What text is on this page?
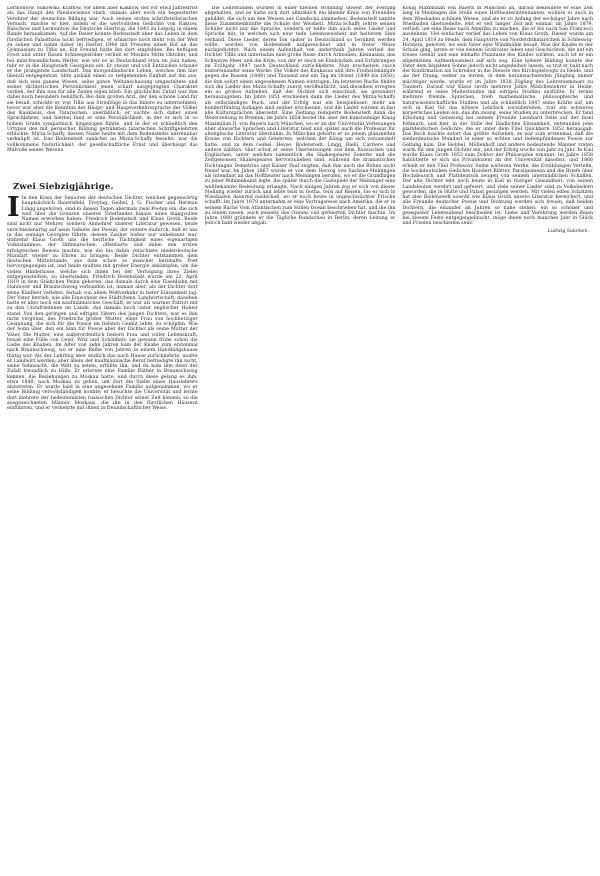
Lermontow, Sukowski, Kraffow, vor allem aber Kakkow, der vor etwa Jahresfrist als das Haupt des Panslawismus starb, damals aber noch ein begeisterter Verehrer der deutschen Bildung war. Auch seinen ersten schriftstellerischen Versuch, machte er hier, indem er die wertvollsten Gedichte von Raktow, Batschow und Lermontow ins Deutsche übertrug, die 1843 zu Leipzig in einem Bande herauskamen. Auf die Dauer konnte Bodenstedt aber das Leben in dem fürstlichen Palasthaus nicht befriedigen, er wünschte noch mehr von der Welt zu sehen und nahm daher im Herbst 1844 mit Freuden einen Ruf an das Gymnasium zu Tiflis an. Ein Freund hatte ihn dort empfohlen. Bei heftigem Frost und unter Rasen Schneegestöber verließ er Moskau Mitte Oktober, und bei mild-freundlichem Wetter, wie wir es in Deutschland etwa im Juni haben, fuhr er in die Hauptstadt Georgiens ein. Er staunt und voll Entzücken schaute er die prangende Landschaft. Das morgenländische Leben, welches ihm hier überall entgegentrat, übte alsbald einen so tiefgehenden Einfluß auf ihn aus, daß sich sein ganzes Wesen, seine ganze Weltanschauung umgestaltete und seiner dichterischen Persönlichkeit jenen scharf ausgeprägten Charakter verlieh, der ihm nun für alle Zeiten eigen blieb. Ein glücklicher Zufall war ihm dabei noch besonders behilflich. Bei dem großen Arzt, der den schöne Land für sie besaß, schickte er, von Tiflis aus Streifzüge in das Innere zu unternehmen; bevor war aber die Kenntnis der Haupt- und Hauptverkehrssprache der Völker des Kaukasus, des Tatarischen, unerläßlich; er suchte sich daher einen Sprachlehrer, und hierbei fand er eine Persönlichkeit, in der er sich in so hohem Grade sympathisch hingezogen fühlte, und in der er schließlich den Urtypus des mit persischer Bildung getränkten tatarischen Schriftgelehrten erblickte: Mirza-Schaffy, dessen Name heute mit dem Bodenstedts untrennbar verknüpft ist. Das Bodenstedt zunächst an Mirza-Schaffy fesselte, war die vollkommene Natürlichkeit, der gesellschaftliche Ernst und überhaupt das Malvolle seines Wesens.

Zwei Siebzigjährige.

I In den Kreis der Senioren der deutschen Dichter, welchen gegenwärtig hauptsächlich Bauernfeld, Freytag, Geibel, J. G. Fischer und Herman Lingg angehören, sind in diesen Tagen abermals zwei Poeten ein, die sich weit über die Grenzen unseres Vaterlandes hinaus eines klangvollen Namen erworben haben: Friedrich Bodenstedt und Klaus Groth. Beide sind nicht nur Mehrer, sondern Anmehrer unserer Literatur gewesen, beide verschiedenartig auf neue Gebiete der Poesie; der erstere dadurch, daß er uns in das sonnige Georgien führte, dessen Zauber bisher nur unbekannt war, während Klaus Groth uns die herrliche Tüchtigkeit eines eigenartigen Volksstammes, der Dithmarschen, offenbarte und dabei den ersten erfolgreichen Beweis machte, wie die bis dahin verachtete niederdeutsche Mundart wieder zu Ehren zu bringen. Beide Dichter entstammen dem deutschen Mittelstande, aus dem schon so mancher kernhafte Poet hervorgegangen ist, und beide mußten mit großer Energie ankämpfen, um die vielen Hindernisse, welche sich ihnen bei der Verfolgung ihres Zieles entgegenstellten, zu überwinden. Friedrich Bodenstedt wurde am 22. April 1819 in dem Städtchen Peine geboren, das damals durch eine Eisenbahn mit Hannover und Braunschweig verbunden ist, damals aber, als der Dichter dort seine Kindheit verlebte, fernab von allem Weltverkehr in tiefer Einsamkeit lag. Der Vater betrieb, wie alle Einwohner des Städtchens, Landwirtschaft; daneben hatte er aber noch ein kaufmännisches Geschäft; er war als warmer Patriot mit zu den Unzufriedenen im Lande, das damals noch unter englischer Hoheit stand. Von den geringen und eifrigen Vätern des jungen Dichters, war es ihm nicht vergönnt, des Friedrichs großer Mutter, einer Frau von hochherziger Gesinnung, die sich für die Poesie im tiefsten Gemüt lebte, zu schöpfen. Wie der Sohn über, den ein Sinn für Poesie aber der Dichter als seine Mutter der Vater. Die Mutter, eine außerordentlich heitere Frau und voller Lebenskraft, besaß eine Fülle von Geist, Witz und Schönheit; sie gewann frühe schon die Liebe des Knaben. Im Alter von zehn Jahren kam der Knabe zum erstenmal nach Braunschweig, wo er eine Reihe von Jahren in einem Handlungshause thätig war. Als der Lehrling aber endlich das nach Hause zurückkehrte, mußte er Landwirt werden; aber allein der kaufmännische Beruf befriedigte ihn nicht, seine Sehnsucht, die Welt zu sehen, erfüllte ihn, und da kam ihm denn der Zufall freundlich zu Hilfe. Er erlernte eine Familie Räther in Braunschweig kennen, die Beziehungen zu Moskau hatte, und durch diese gelang es ihm, etwa 1840, nach Moskau zu gehen, um dort die Stelle eines Hauslehrers anzutreten. Er wurde bald in eine angesehene Familie aufgenommen, wo er seine Bildung vervollständigen konnte; er besuchte die Universität und lernte dort mehrere der bedeutendsten russischen Dichter seiner Zeit kennen, so die ausgezeichneten Männer Moskaus, die ihn in den fürstlichen Häusern einführten, und er verkehrte mit ihnen in freundschaftlicher Weise.

Die Lehrstunden wurden in einer kleinen Wohnung unweit der Festung abgehalten, und es hatte sich dort allmählich ein kleiner Kreis von Freunden gebildet, die sich um den Weisen aus Gandscha sammelten. Bodenstedt nannte diese Zusammenkünfte die Schule der Weisheit. Mirza-Schaffy lehrte seinen Schüler nicht nur die Sprache, sondern er teilte ihm auch seine Lieder und Sprüche mit, in welchen sich eine tiefe Lebensweisheit mit heiterem Sinn verband. Diese Lieder, deren Ton später in Deutschland so berühmt werden sollte, wurden von Bodenstedt aufgezeichnet und in freier Weise nachgedichtet. Nach einem Aufenthalt von anderthalb Jahren verließ der Dichter Tiflis und unternahm eine große Reise durch Armenien, Kleinasien, das Schwarze Meer und die Krim, von der er reich an Eindrücken und Erfahrungen im Frühjahr 1847 nach Deutschland zurückkehrte. Nun erschienen rasch hintereinander seine Werke: Die Völker des Kaukasus und ihre Freiheitskämpfe gegen die Russen (1848) und Tausend und ein Tag im Orient (1849 bis 1850), die ihm sofort einen angesehenen Namen eintrugen. Im letzteren Buche finden sich die Lieder des Mirza-Schaffy zuerst veröffentlicht, und dieselben erregten ein so großes Aufsehen, daß der Dichter sich entschloß, sie gesondert herauszugeben. Im Jahre 1851 erschienen dann die Lieder des Mirza-Schaffy als selbständiges Buch, und der Erfolg war ein beispielloser: mehr als hundertfünfzig Auflagen sind seither erschienen, und die Lieder wurden in fast alle Kultursprachen übersetzt. Eine Zeitlang redigierte Bodenstedt dann die Weserzeitung in Bremen; im Jahre 1854 berief ihn aber der kunstsinnige König Maximilian II. von Bayern nach München, wo er an der Universität Vorlesungen über slawische Sprachen und Literatur hielt und später auch die Professur für altenglische Literatur übernahm. In München gehörte er zu jenem glänzenden Kreise von Dichtern und Gelehrten, welchen der König um sich versammelt hatte, und zu dem Geibel, Heyse, Bodenstedt, Lingg, Riehl, Carriere und andere zählten. Hier schuf er seine Übersetzungen aus dem Russischen und Englischen, unter welchen namentlich die Shakespeares Sonette und die Zeitgenossen Shakespeares hervorzuheben sind, während die dramatischen Dichtungen Demetrius und Kaiser Paul zeigten, daß ihm auch die Bühne nicht fremd war. Im Jahre 1867 wurde er von dem Herzog von Sachsen-Meiningen als Intendant an das Hoftheater nach Meiningen berufen, wo er die Grundlagen zu jener Bühnenkunst legte, die später durch die Gastspiele der Meininger eine weltbekannte Bedeutung erlangte. Nach einigen Jahren zog er sich von dieser Stellung wieder zurück und lebte teils in Gotha, teils auf Reisen, bis er sich in Wiesbaden dauernd niederließ, wo er noch heute in ungeschwächter Frische schafft. Im Jahre 1879 unternahm er eine Vortragsreise nach Amerika, die er in seinem Buche Vom Atlantischen zum Stillen Ocean beschrieben hat, und die ihn zu einem neuen, auch jenseits des Ozeans viel gefeierten Dichter machte. Im Jahre 1880 gründete er die Tägliche Rundschau in Berlin, deren Leitung er jedoch bald wieder abgab.

König Maximilian von Baiern in München an, darauf bekleidete er eine Zeit lang in Meiningen die Stelle eines Hoftheaterintendanten, wohnte er auch in dem Wiesbaden schönen Wesen, und als er zu Anfang der sechziger Jahre nach Wiesbaden übersiedelte, lebt er seit langer Zeit mit einmal, im Jahre 1879, verließ, um eine Reise nach Amerika zu machen, die er bis nach San Francisco ausdehnte. Viel einfacher verlief das Leben von Klaus Groth. Dieser wurde am 24. April 1819 zu Heide, dem Hauptorte von Norderdithmarschen in Schleswig-Holstein, geboren, wo sein Vater eine Windmühle besaß. Was der Knabe in der Schule ging, lernte er von seinem Großvater leben und Geschichten, die auf ein treues Gemüt und eine lebhafte Phantasie des Kindes wirkten, auch ist er ein allgemeinen Aufmerksamkeit auf sich zog. Eine höhere Bildung konnte der Vater dem begabten Sohne jedoch nicht angedeihen lassen; so trat er bald nach der Konfirmation als Schreiber in die Dienste des Kirchspielvogts zu Heide, und als der Drang, weiter zu lernen, in dem heranwachsenden Jüngling immer mächtiger wurde, wurde er im Jahre 1838 Zögling des Lehrerseminars zu Tondern. Darauf war Klaus Groth mehrere Jahre Mädchenlehrer in Heide, während er seine Mußestunden mit eifrigen Studien ausfüllte. Er lernte mehrere fremde Sprachen, trieb mathematische, philosophische und naturwissenschaftliche Studien und als schließlich 1847 seine Kräfte auf, um sich in Kiel für das höhere Lehrfach vorzubereiten, trat ein schweres körperliches Leiden ein, das ihn zwang, seine Studien zu unterbrechen. Er fand Erholung und Genesung bei seinem Freunde Leonhard Selle auf der Insel Fehmarn, und hier, in der Stille der ländlichen Einsamkeit, entstanden jene plattdeutschen Gedichte, die er unter dem Titel Quickborn 1852 herausgab. Das Buch machte sofort das größte Aufsehen; es war zum erstenmal, daß die niederdeutsche Mundart in einer so echten und tiefempfundenen Poesie zur Geltung kam. Die Hebbel, Müllenhoff und andere bedeutende Männer traten warm für den jungen Dichter ein, und der Erfolg wuchs von Jahr zu Jahr. In Kiel wurde Klaus Groth 1853 zum Doktor der Philosophie ernannt; im Jahre 1858 habilitierte er sich als Privatdozent an der Universität daselbst, und 1866 erhielt er den Titel Professor. Seine weiteren Werke, die Erzählungen Vertelln, die hochdeutschen Gedichte Hundert Blätter, Paralipomena und die Briefe über Hochdeutsch und Plattdeutsch zeugen von seinem unermüdlichen Schaffen. Der alte Dichter lebt noch heute in Kiel in rüstiger Gesundheit, von seinen Landsleuten verehrt und gefeiert, und viele seiner Lieder sind zu Volksliedern geworden, die in Hütte und Palast gesungen werden. Mit vielen edlen Schätzen hat also Bodenstedt sowohl wie Klaus Groth unsere Literatur bereichert, und alle Freunde deutscher Poesie und Dichtung werden sich freuen, daß beiden Dichtern, die einander an Jahren so nahe stehen, ein so schöner und gesegneter Lebensabend beschieden ist. Liebe und Verehrung werden ihnen bei diesem Feste entgegengebracht, möge ihnen noch manches Jahr in Glück und Frieden beschieden sein!

Ludwig Salomon.
